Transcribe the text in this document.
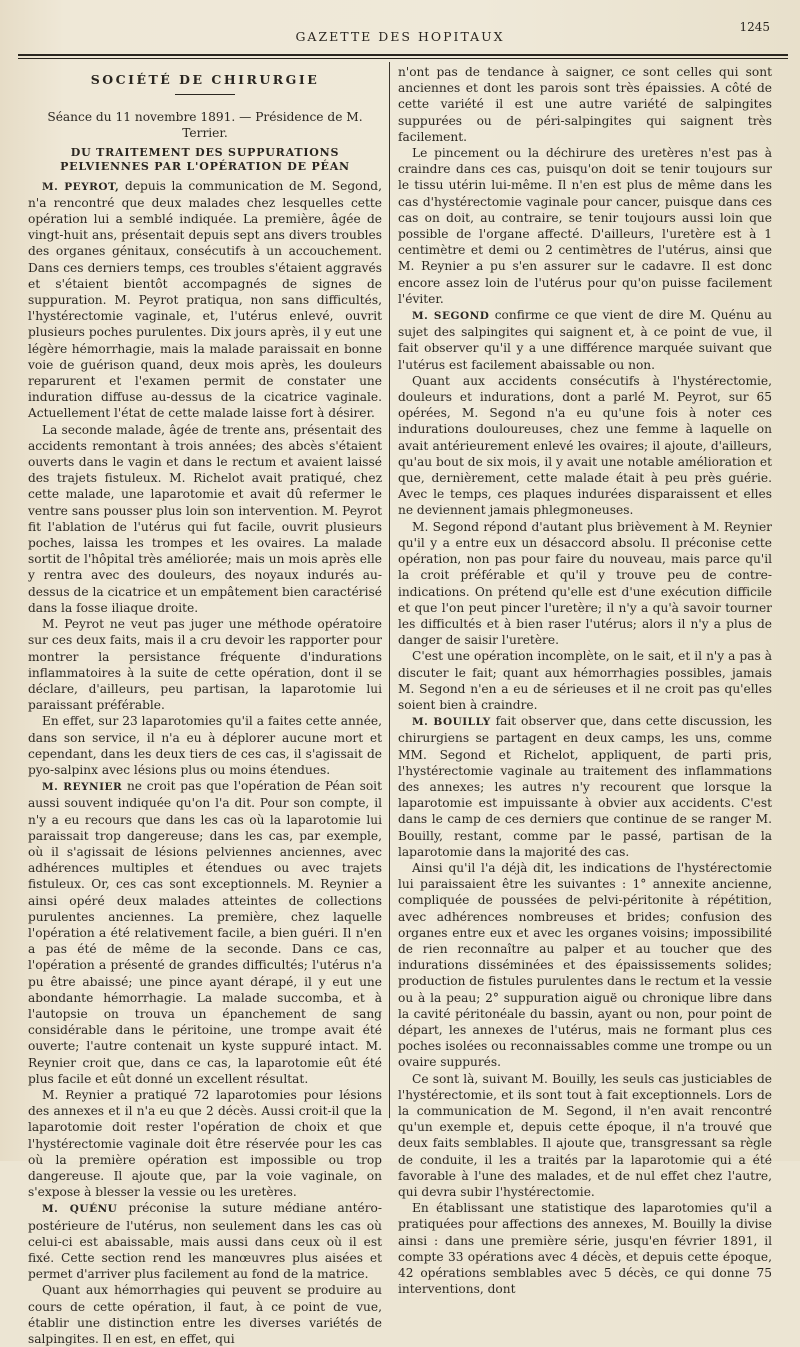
GAZETTE DES HOPITAUX
1245
SOCIÉTÉ DE CHIRURGIE
Séance du 11 novembre 1891. — Présidence de M. Terrier.
DU TRAITEMENT DES SUPPURATIONS PELVIENNES PAR L'OPÉRATION DE PÉAN

M. PEYROT, depuis la communication de M. Segond, n'a rencontré que deux malades chez lesquelles cette opération lui a semblé indiquée. La première, âgée de vingt-huit ans, présentait depuis sept ans divers troubles des organes génitaux, consécutifs à un accouchement. Dans ces derniers temps, ces troubles s'étaient aggravés et s'étaient bientôt accompagnés de signes de suppuration. M. Peyrot pratiqua, non sans difficultés, l'hystérectomie vaginale, et, l'utérus enlevé, ouvrit plusieurs poches purulentes. Dix jours après, il y eut une légère hémorrhagie, mais la malade paraissait en bonne voie de guérison quand, deux mois après, les douleurs reparurent et l'examen permit de constater une induration diffuse au-dessus de la cicatrice vaginale. Actuellement l'état de cette malade laisse fort à désirer.

La seconde malade, âgée de trente ans, présentait des accidents remontant à trois années; des abcès s'étaient ouverts dans le vagin et dans le rectum et avaient laissé des trajets fistuleux. M. Richelot avait pratiqué, chez cette malade, une laparotomie et avait dû refermer le ventre sans pousser plus loin son intervention. M. Peyrot fit l'ablation de l'utérus qui fut facile, ouvrit plusieurs poches, laissa les trompes et les ovaires. La malade sortit de l'hôpital très améliorée; mais un mois après elle y rentra avec des douleurs, des noyaux indurés au-dessus de la cicatrice et un empâtement bien caractérisé dans la fosse iliaque droite.

M. Peyrot ne veut pas juger une méthode opératoire sur ces deux faits, mais il a cru devoir les rapporter pour montrer la persistance fréquente d'indurations inflammatoires à la suite de cette opération, dont il se déclare, d'ailleurs, peu partisan, la laparotomie lui paraissant préférable.

En effet, sur 23 laparotomies qu'il a faites cette année, dans son service, il n'a eu à déplorer aucune mort et cependant, dans les deux tiers de ces cas, il s'agissait de pyo-salpinx avec lésions plus ou moins étendues.

M. REYNIER ne croit pas que l'opération de Péan soit aussi souvent indiquée qu'on l'a dit. Pour son compte, il n'y a eu recours que dans les cas où la laparotomie lui paraissait trop dangereuse; dans les cas, par exemple, où il s'agissait de lésions pelviennes anciennes, avec adhérences multiples et étendues ou avec trajets fistuleux. Or, ces cas sont exceptionnels. M. Reynier a ainsi opéré deux malades atteintes de collections purulentes anciennes. La première, chez laquelle l'opération a été relativement facile, a bien guéri. Il n'en a pas été de même de la seconde. Dans ce cas, l'opération a présenté de grandes difficultés; l'utérus n'a pu être abaissé; une pince ayant dérapé, il y eut une abondante hémorrhagie. La malade succomba, et à l'autopsie on trouva un épanchement de sang considérable dans le péritoine, une trompe avait été ouverte; l'autre contenait un kyste suppuré intact. M. Reynier croit que, dans ce cas, la laparotomie eût été plus facile et eût donné un excellent résultat.

M. Reynier a pratiqué 72 laparotomies pour lésions des annexes et il n'a eu que 2 décès. Aussi croit-il que la laparotomie doit rester l'opération de choix et que l'hystérectomie vaginale doit être réservée pour les cas où la première opération est impossible ou trop dangereuse. Il ajoute que, par la voie vaginale, on s'expose à blesser la vessie ou les uretères.

M. QUÉNU préconise la suture médiane antéro-postérieure de l'utérus, non seulement dans les cas où celui-ci est abaissable, mais aussi dans ceux où il est fixé. Cette section rend les manœuvres plus aisées et permet d'arriver plus facilement au fond de la matrice.

Quant aux hémorrhagies qui peuvent se produire au cours de cette opération, il faut, à ce point de vue, établir une distinction entre les diverses variétés de salpingites. Il en est, en effet, qui

n'ont pas de tendance à saigner, ce sont celles qui sont anciennes et dont les parois sont très épaissies. A côté de cette variété il est une autre variété de salpingites suppurées ou de péri-salpingites qui saignent très facilement.

Le pincement ou la déchirure des uretères n'est pas à craindre dans ces cas, puisqu'on doit se tenir toujours sur le tissu utérin lui-même. Il n'en est plus de même dans les cas d'hystérectomie vaginale pour cancer, puisque dans ces cas on doit, au contraire, se tenir toujours aussi loin que possible de l'organe affecté. D'ailleurs, l'uretère est à 1 centimètre et demi ou 2 centimètres de l'utérus, ainsi que M. Reynier a pu s'en assurer sur le cadavre. Il est donc encore assez loin de l'utérus pour qu'on puisse facilement l'éviter.

M. SEGOND confirme ce que vient de dire M. Quénu au sujet des salpingites qui saignent et, à ce point de vue, il fait observer qu'il y a une différence marquée suivant que l'utérus est facilement abaissable ou non.

Quant aux accidents consécutifs à l'hystérectomie, douleurs et indurations, dont a parlé M. Peyrot, sur 65 opérées, M. Segond n'a eu qu'une fois à noter ces indurations douloureuses, chez une femme à laquelle on avait antérieurement enlevé les ovaires; il ajoute, d'ailleurs, qu'au bout de six mois, il y avait une notable amélioration et que, dernièrement, cette malade était à peu près guérie. Avec le temps, ces plaques indurées disparaissent et elles ne deviennent jamais phlegmoneuses.

M. Segond répond d'autant plus brièvement à M. Reynier qu'il y a entre eux un désaccord absolu. Il préconise cette opération, non pas pour faire du nouveau, mais parce qu'il la croit préférable et qu'il y trouve peu de contre-indications. On prétend qu'elle est d'une exécution difficile et que l'on peut pincer l'uretère; il n'y a qu'à savoir tourner les difficultés et à bien raser l'utérus; alors il n'y a plus de danger de saisir l'uretère.

C'est une opération incomplète, on le sait, et il n'y a pas à discuter le fait; quant aux hémorrhagies possibles, jamais M. Segond n'en a eu de sérieuses et il ne croit pas qu'elles soient bien à craindre.

M. BOUILLY fait observer que, dans cette discussion, les chirurgiens se partagent en deux camps, les uns, comme MM. Segond et Richelot, appliquent, de parti pris, l'hystérectomie vaginale au traitement des inflammations des annexes; les autres n'y recourent que lorsque la laparotomie est impuissante à obvier aux accidents. C'est dans le camp de ces derniers que continue de se ranger M. Bouilly, restant, comme par le passé, partisan de la laparotomie dans la majorité des cas.

Ainsi qu'il l'a déjà dit, les indications de l'hystérectomie lui paraissaient être les suivantes : 1° annexite ancienne, compliquée de poussées de pelvi-péritonite à répétition, avec adhérences nombreuses et brides; confusion des organes entre eux et avec les organes voisins; impossibilité de rien reconnaître au palper et au toucher que des indurations disséminées et des épaississements solides; production de fistules purulentes dans le rectum et la vessie ou à la peau; 2° suppuration aiguë ou chronique libre dans la cavité péritonéale du bassin, ayant ou non, pour point de départ, les annexes de l'utérus, mais ne formant plus ces poches isolées ou reconnaissables comme une trompe ou un ovaire suppurés.

Ce sont là, suivant M. Bouilly, les seuls cas justiciables de l'hystérectomie, et ils sont tout à fait exceptionnels. Lors de la communication de M. Segond, il n'en avait rencontré qu'un exemple et, depuis cette époque, il n'a trouvé que deux faits semblables. Il ajoute que, transgressant sa règle de conduite, il les a traités par la laparotomie qui a été favorable à l'une des malades, et de nul effet chez l'autre, qui devra subir l'hystérectomie.

En établissant une statistique des laparotomies qu'il a pratiquées pour affections des annexes, M. Bouilly la divise ainsi : dans une première série, jusqu'en février 1891, il compte 33 opérations avec 4 décès, et depuis cette époque, 42 opérations semblables avec 5 décès, ce qui donne 75 interventions, dont
